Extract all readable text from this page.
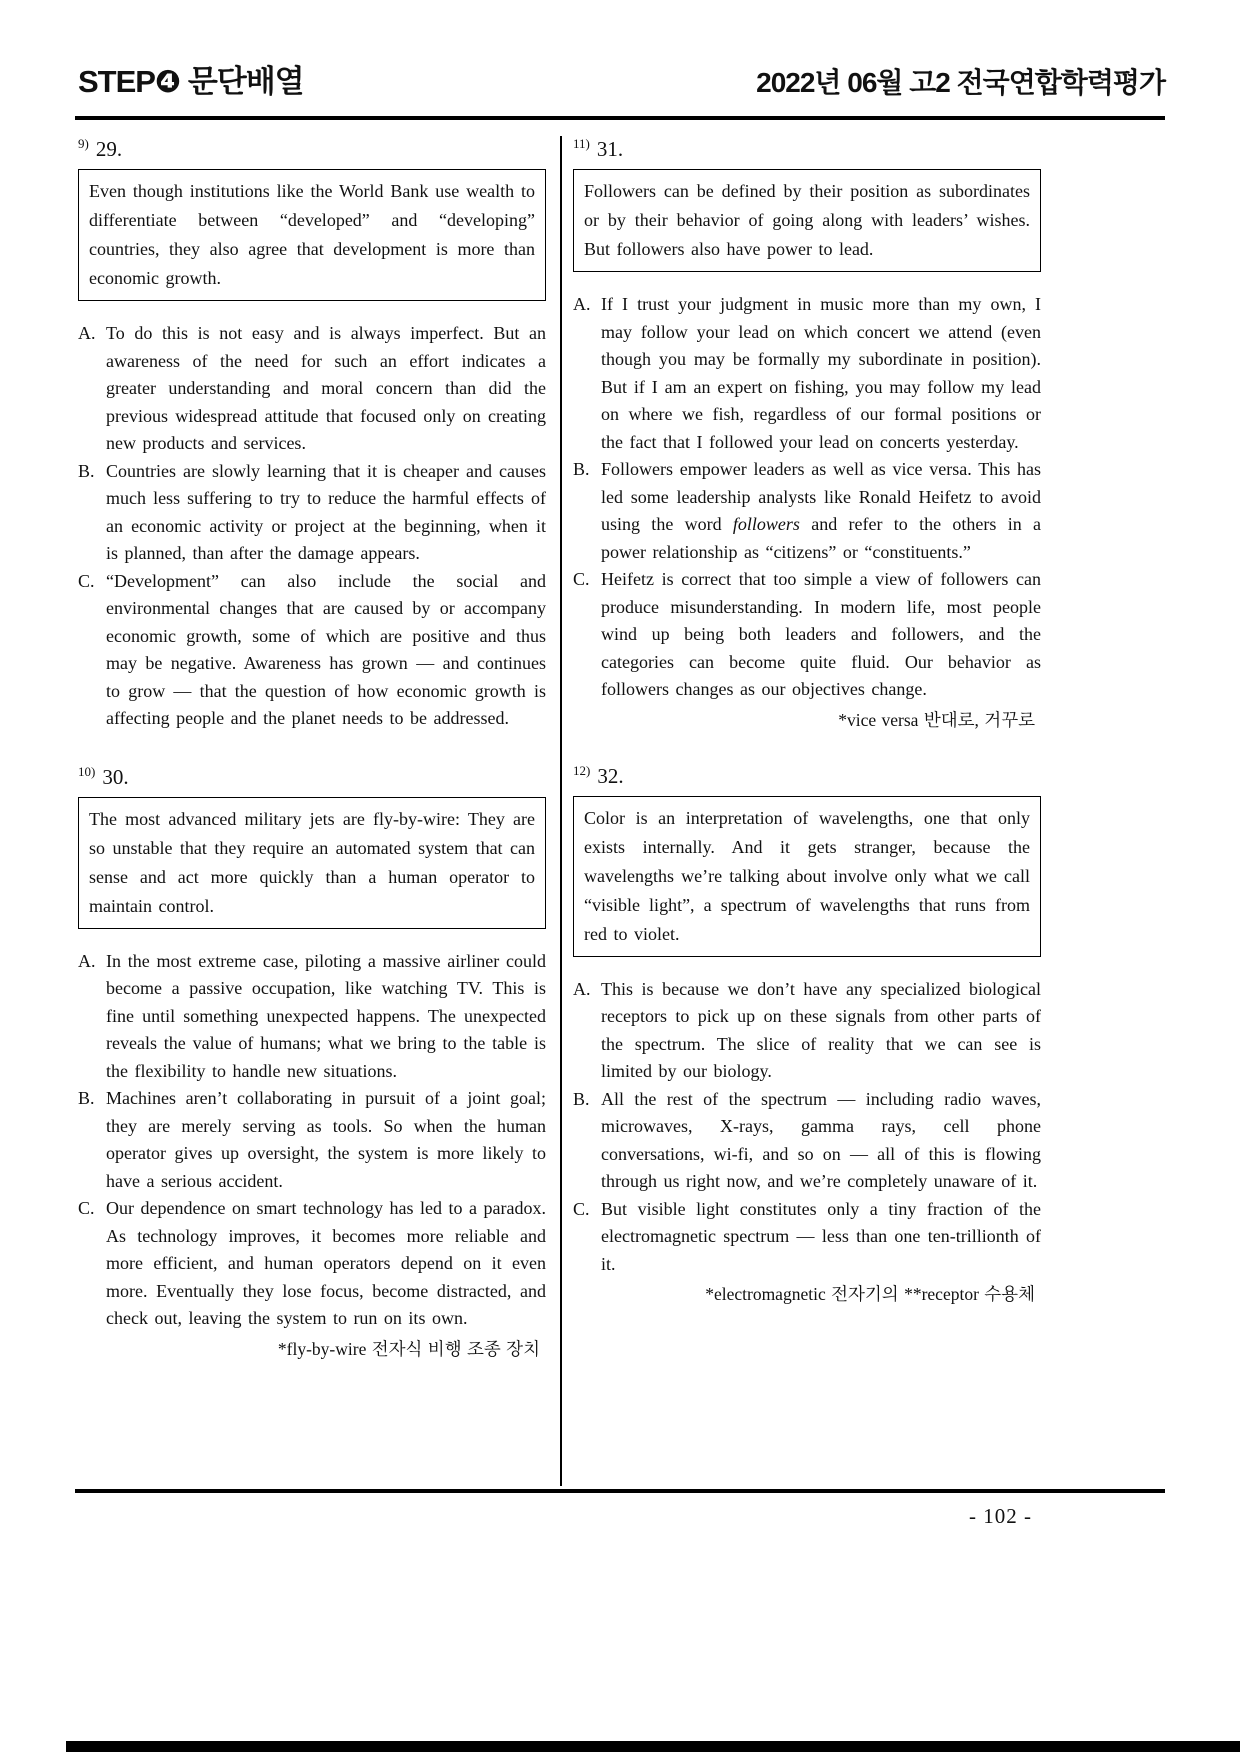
STEP❹ 문단배열	2022년 06월 고2 전국연합학력평가
$^{9)}$ 29.

Even though institutions like the World Bank use wealth to differentiate between “developed” and “developing” countries, they also agree that development is more than economic growth.

A. To do this is not easy and is always imperfect. But an awareness of the need for such an effort indicates a greater understanding and moral concern than did the previous widespread attitude that focused only on creating new products and services.
B. Countries are slowly learning that it is cheaper and causes much less suffering to try to reduce the harmful effects of an economic activity or project at the beginning, when it is planned, than after the damage appears.
C. “Development” can also include the social and environmental changes that are caused by or accompany economic growth, some of which are positive and thus may be negative. Awareness has grown — and continues to grow — that the question of how economic growth is affecting people and the planet needs to be addressed.
$^{10)}$ 30.

The most advanced military jets are fly-by-wire: They are so unstable that they require an automated system that can sense and act more quickly than a human operator to maintain control.

A. In the most extreme case, piloting a massive airliner could become a passive occupation, like watching TV. This is fine until something unexpected happens. The unexpected reveals the value of humans; what we bring to the table is the flexibility to handle new situations.
B. Machines aren’t collaborating in pursuit of a joint goal; they are merely serving as tools. So when the human operator gives up oversight, the system is more likely to have a serious accident.
C. Our dependence on smart technology has led to a paradox. As technology improves, it becomes more reliable and more efficient, and human operators depend on it even more. Eventually they lose focus, become distracted, and check out, leaving the system to run on its own.
*fly-by-wire 전자식 비행 조종 장치
$^{11)}$ 31.

Followers can be defined by their position as subordinates or by their behavior of going along with leaders’ wishes. But followers also have power to lead.

A. If I trust your judgment in music more than my own, I may follow your lead on which concert we attend (even though you may be formally my subordinate in position). But if I am an expert on fishing, you may follow my lead on where we fish, regardless of our formal positions or the fact that I followed your lead on concerts yesterday.
B. Followers empower leaders as well as vice versa. This has led some leadership analysts like Ronald Heifetz to avoid using the word followers and refer to the others in a power relationship as “citizens” or “constituents.”
C. Heifetz is correct that too simple a view of followers can produce misunderstanding. In modern life, most people wind up being both leaders and followers, and the categories can become quite fluid. Our behavior as followers changes as our objectives change.
*vice versa 반대로, 거꾸로
$^{12)}$ 32.

Color is an interpretation of wavelengths, one that only exists internally. And it gets stranger, because the wavelengths we’re talking about involve only what we call “visible light”, a spectrum of wavelengths that runs from red to violet.

A. This is because we don’t have any specialized biological receptors to pick up on these signals from other parts of the spectrum. The slice of reality that we can see is limited by our biology.
B. All the rest of the spectrum — including radio waves, microwaves, X-rays, gamma rays, cell phone conversations, wi-fi, and so on — all of this is flowing through us right now, and we’re completely unaware of it.
C. But visible light constitutes only a tiny fraction of the electromagnetic spectrum — less than one ten-trillionth of it.
*electromagnetic 전자기의 **receptor 수용체
- 102 -
